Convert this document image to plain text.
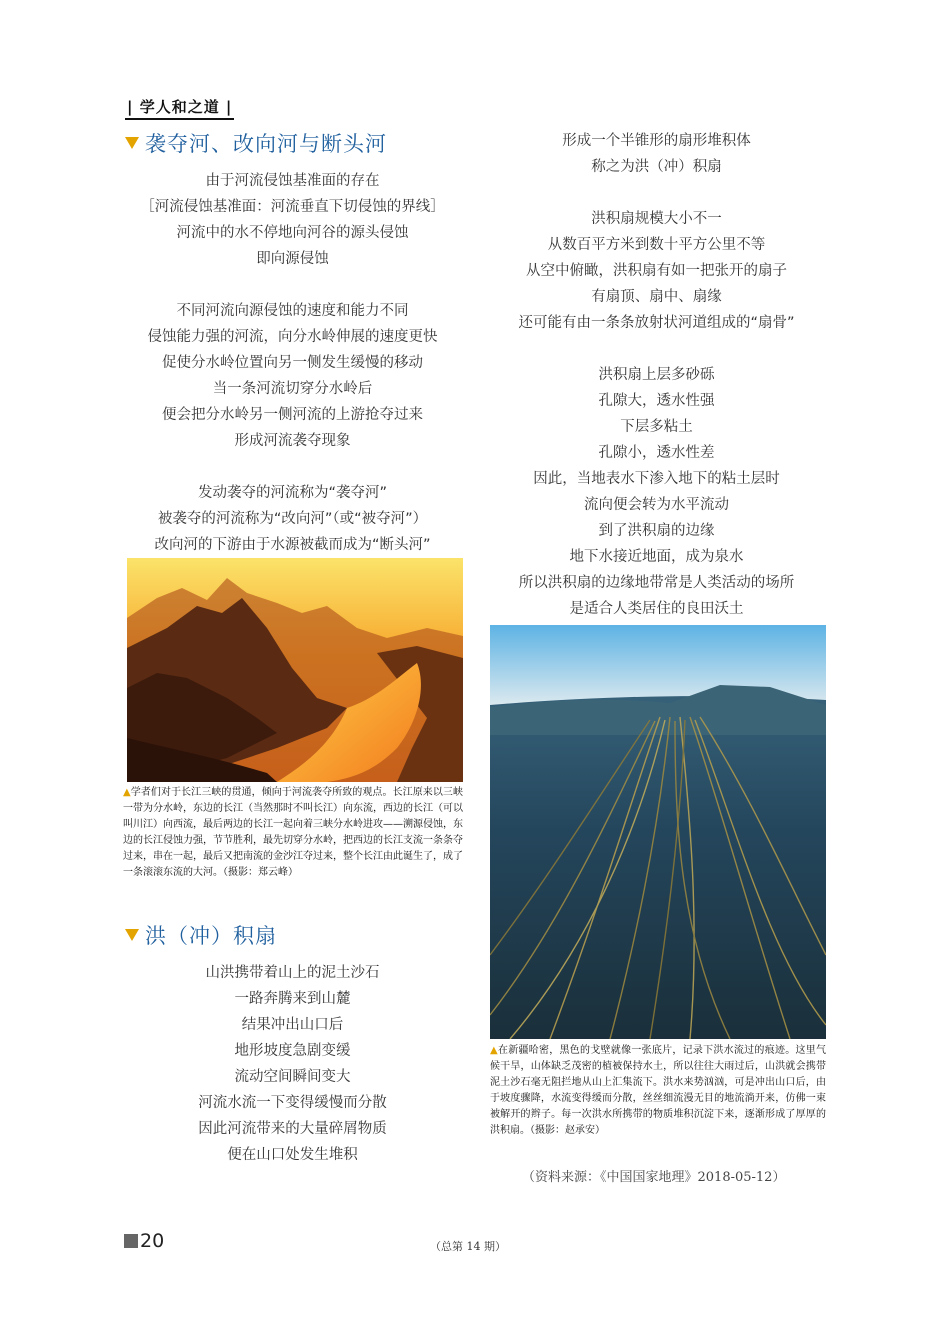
| 学人和之道 |
袭夺河、改向河与断头河
由于河流侵蚀基准面的存在
［河流侵蚀基准面：河流垂直下切侵蚀的界线］
河流中的水不停地向河谷的源头侵蚀
即向源侵蚀
不同河流向源侵蚀的速度和能力不同
侵蚀能力强的河流，向分水岭伸展的速度更快
促使分水岭位置向另一侧发生缓慢的移动
当一条河流切穿分水岭后
便会把分水岭另一侧河流的上游抢夺过来
形成河流袭夺现象
发动袭夺的河流称为“袭夺河”
被袭夺的河流称为“改向河”（或“被夺河”）
改向河的下游由于水源被截而成为“断头河”
▲学者们对于长江三峡的贯通，倾向于河流袭夺所致的观点。长江原来以三峡一带为分水岭，东边的长江（当然那时不叫长江）向东流，西边的长江（可以叫川江）向西流，最后两边的长江一起向着三峡分水岭进攻——溯源侵蚀，东边的长江侵蚀力强，节节胜利，最先切穿分水岭，把西边的长江支流一条条夺过来，串在一起，最后又把南流的金沙江夺过来，整个长江由此诞生了，成了一条滚滚东流的大河。（摄影：郑云峰）
洪（冲）积扇
山洪携带着山上的泥土沙石
一路奔腾来到山麓
结果冲出山口后
地形坡度急剧变缓
流动空间瞬间变大
河流水流一下变得缓慢而分散
因此河流带来的大量碎屑物质
便在山口处发生堆积
形成一个半锥形的扇形堆积体
称之为洪（冲）积扇
洪积扇规模大小不一
从数百平方米到数十平方公里不等
从空中俯瞰，洪积扇有如一把张开的扇子
有扇顶、扇中、扇缘
还可能有由一条条放射状河道组成的“扇骨”
洪积扇上层多砂砾
孔隙大，透水性强
下层多粘土
孔隙小，透水性差
因此，当地表水下渗入地下的粘土层时
流向便会转为水平流动
到了洪积扇的边缘
地下水接近地面，成为泉水
所以洪积扇的边缘地带常是人类活动的场所
是适合人类居住的良田沃土
▲在新疆哈密，黑色的戈壁就像一张底片，记录下洪水流过的痕迹。这里气候干旱，山体缺乏茂密的植被保持水土，所以往往大雨过后，山洪就会携带泥土沙石毫无阻拦地从山上汇集流下。洪水来势汹汹，可是冲出山口后，由于坡度骤降，水流变得缓而分散，丝丝细流漫无目的地流淌开来，仿佛一束被解开的辫子。每一次洪水所携带的物质堆积沉淀下来，逐渐形成了厚厚的洪积扇。（摄影：赵承安）
（资料来源：《中国国家地理》2018-05-12）
20	（总第 14 期）
